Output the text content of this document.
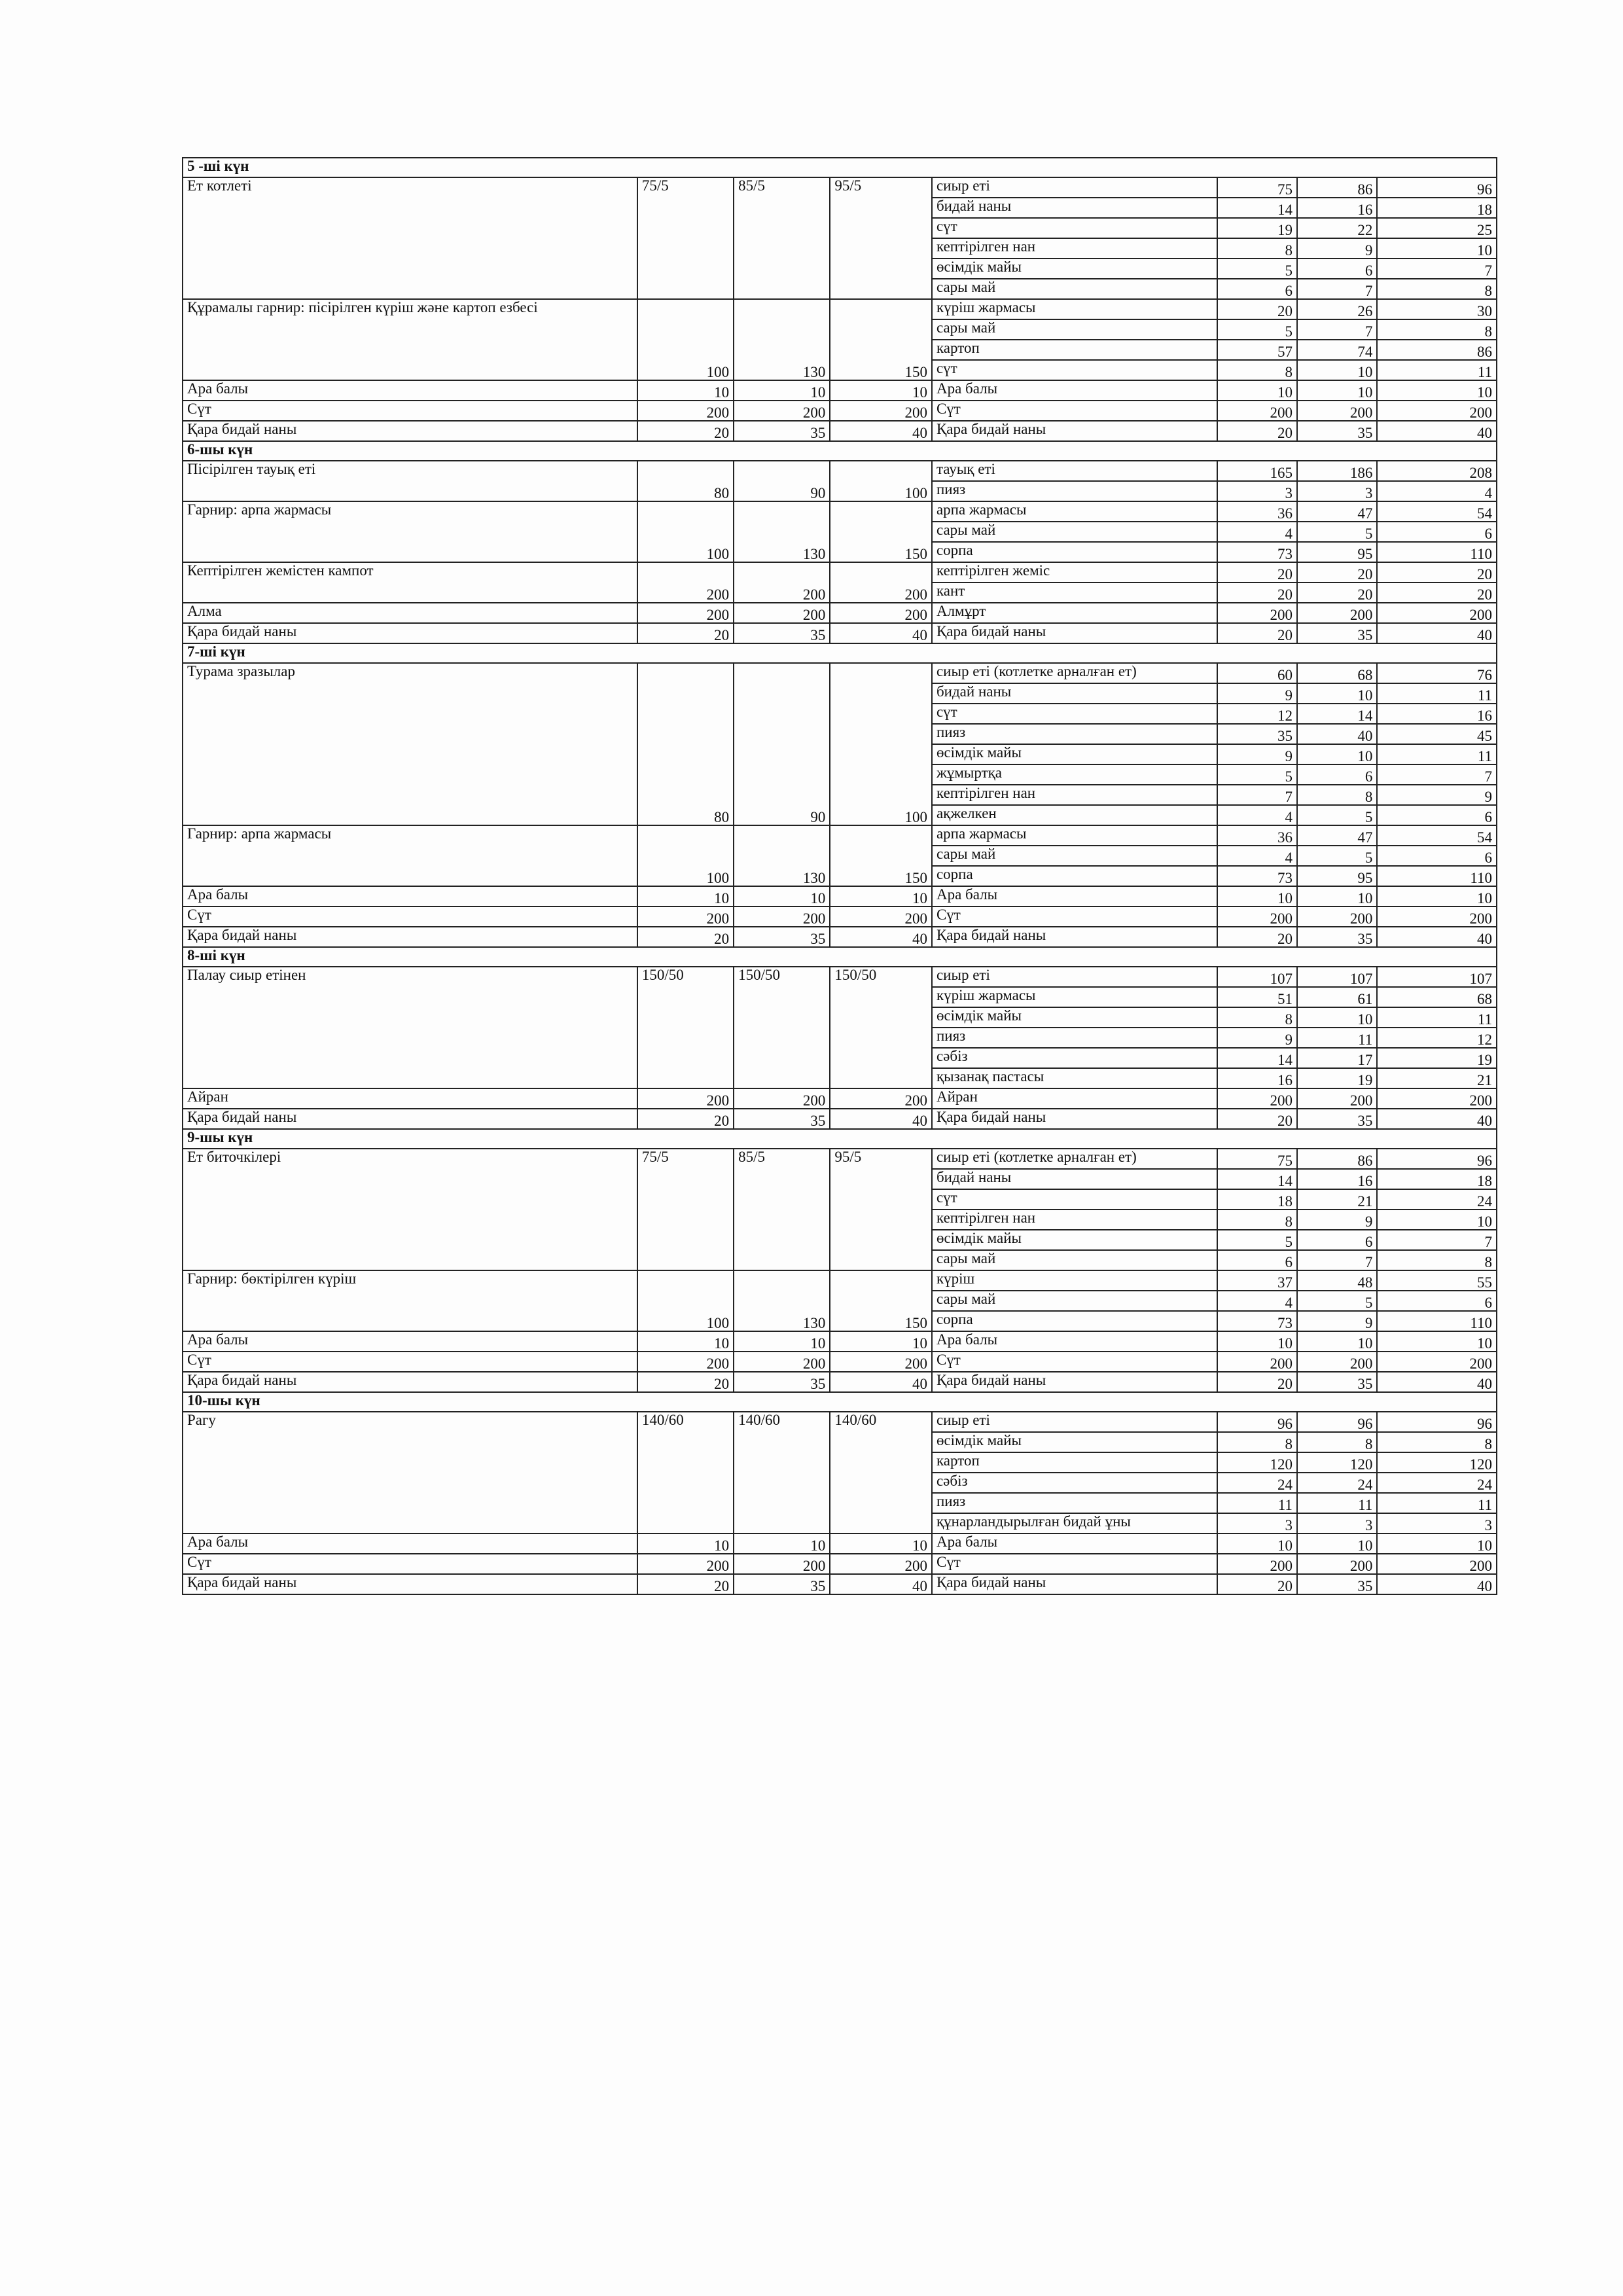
5 -ші күн							
Ет котлеті	75/5	85/5	95/5	сиыр еті	75	86	96
				бидай наны	14	16	18
				сүт	19	22	25
				кептірілген нан	8	9	10
				өсімдік майы	5	6	7
				сары май	6	7	8
Құрамалы гарнир: пісірілген күріш және картоп езбесі	100	130	150	күріш жармасы	20	26	30
				сары май	5	7	8
				картоп	57	74	86
				сүт	8	10	11
Ара балы	10	10	10	Ара балы	10	10	10
Сүт	200	200	200	Сүт	200	200	200
Қара бидай наны	20	35	40	Қара бидай наны	20	35	40
6-шы күн							
Пісірілген тауық еті	80	90	100	тауық еті	165	186	208
				пияз	3	3	4
Гарнир: арпа жармасы	100	130	150	арпа жармасы	36	47	54
				сары май	4	5	6
				сорпа	73	95	110
Кептірілген жемістен кампот	200	200	200	кептірілген жеміс	20	20	20
				кант	20	20	20
Алма	200	200	200	Алмұрт	200	200	200
Қара бидай наны	20	35	40	Қара бидай наны	20	35	40
7-ші күн							
Турама зразылар	80	90	100	сиыр еті (котлетке арналған ет)	60	68	76
				бидай наны	9	10	11
				сүт	12	14	16
				пияз	35	40	45
				өсімдік майы	9	10	11
				жұмыртқа	5	6	7
				кептірілген нан	7	8	9
				ақжелкен	4	5	6
Гарнир: арпа жармасы	100	130	150	арпа жармасы	36	47	54
				сары май	4	5	6
				сорпа	73	95	110
Ара балы	10	10	10	Ара балы	10	10	10
Сүт	200	200	200	Сүт	200	200	200
Қара бидай наны	20	35	40	Қара бидай наны	20	35	40
8-ші күн							
Палау сиыр етінен	150/50	150/50	150/50	сиыр еті	107	107	107
				күріш жармасы	51	61	68
				өсімдік майы	8	10	11
				пияз	9	11	12
				сәбіз	14	17	19
				қызанақ пастасы	16	19	21
Айран	200	200	200	Айран	200	200	200
Қара бидай наны	20	35	40	Қара бидай наны	20	35	40
9-шы күн							
Ет биточкілері	75/5	85/5	95/5	сиыр еті (котлетке арналған ет)	75	86	96
				бидай наны	14	16	18
				сүт	18	21	24
				кептірілген нан	8	9	10
				өсімдік майы	5	6	7
				сары май	6	7	8
Гарнир: бөктірілген күріш	100	130	150	күріш	37	48	55
				сары май	4	5	6
				сорпа	73	9	110
Ара балы	10	10	10	Ара балы	10	10	10
Сүт	200	200	200	Сүт	200	200	200
Қара бидай наны	20	35	40	Қара бидай наны	20	35	40
10-шы күн							
Рагу	140/60	140/60	140/60	сиыр еті	96	96	96
				өсімдік майы	8	8	8
				картоп	120	120	120
				сәбіз	24	24	24
				пияз	11	11	11
				құнарландырылған бидай ұны	3	3	3
Ара балы	10	10	10	Ара балы	10	10	10
Сүт	200	200	200	Сүт	200	200	200
Қара бидай наны	20	35	40	Қара бидай наны	20	35	40
